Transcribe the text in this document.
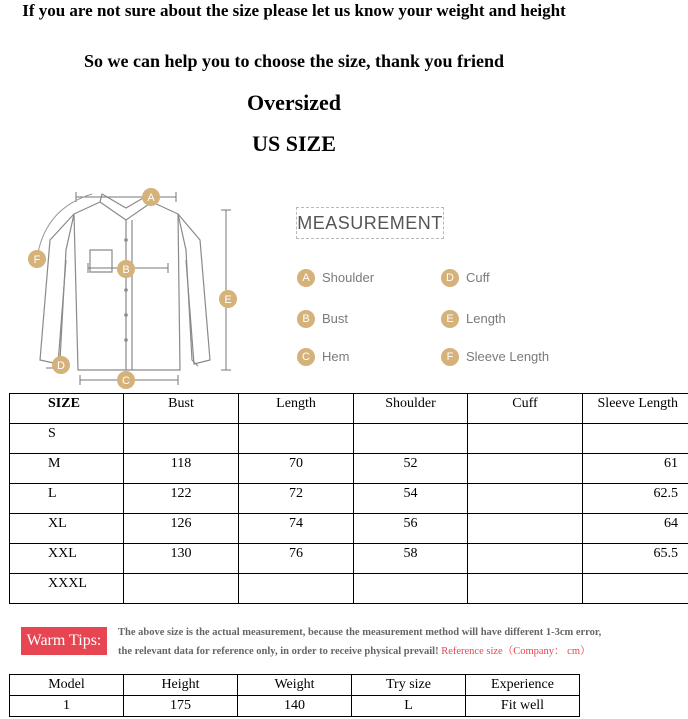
If you are not sure about the size please let us know your weight and height
So we can help you to choose the size, thank you friend
Oversized
US SIZE
A
B
C
D
E
F
MEASUREMENT
A Shoulder
B Bust
C Hem
D Cuff
E Length
F Sleeve Length
SIZE	Bust	Length	Shoulder	Cuff	Sleeve Length
S					
M	118	70	52		61
L	122	72	54		62.5
XL	126	74	56		64
XXL	130	76	58		65.5
XXXL					
Warm Tips:	The above size is the actual measurement, because the measurement method will have different 1-3cm error,
the relevant data for reference only, in order to receive physical prevail! Reference size（Company： cm）
Model	Height	Weight	Try size	Experience
1	175	140	L	Fit well
